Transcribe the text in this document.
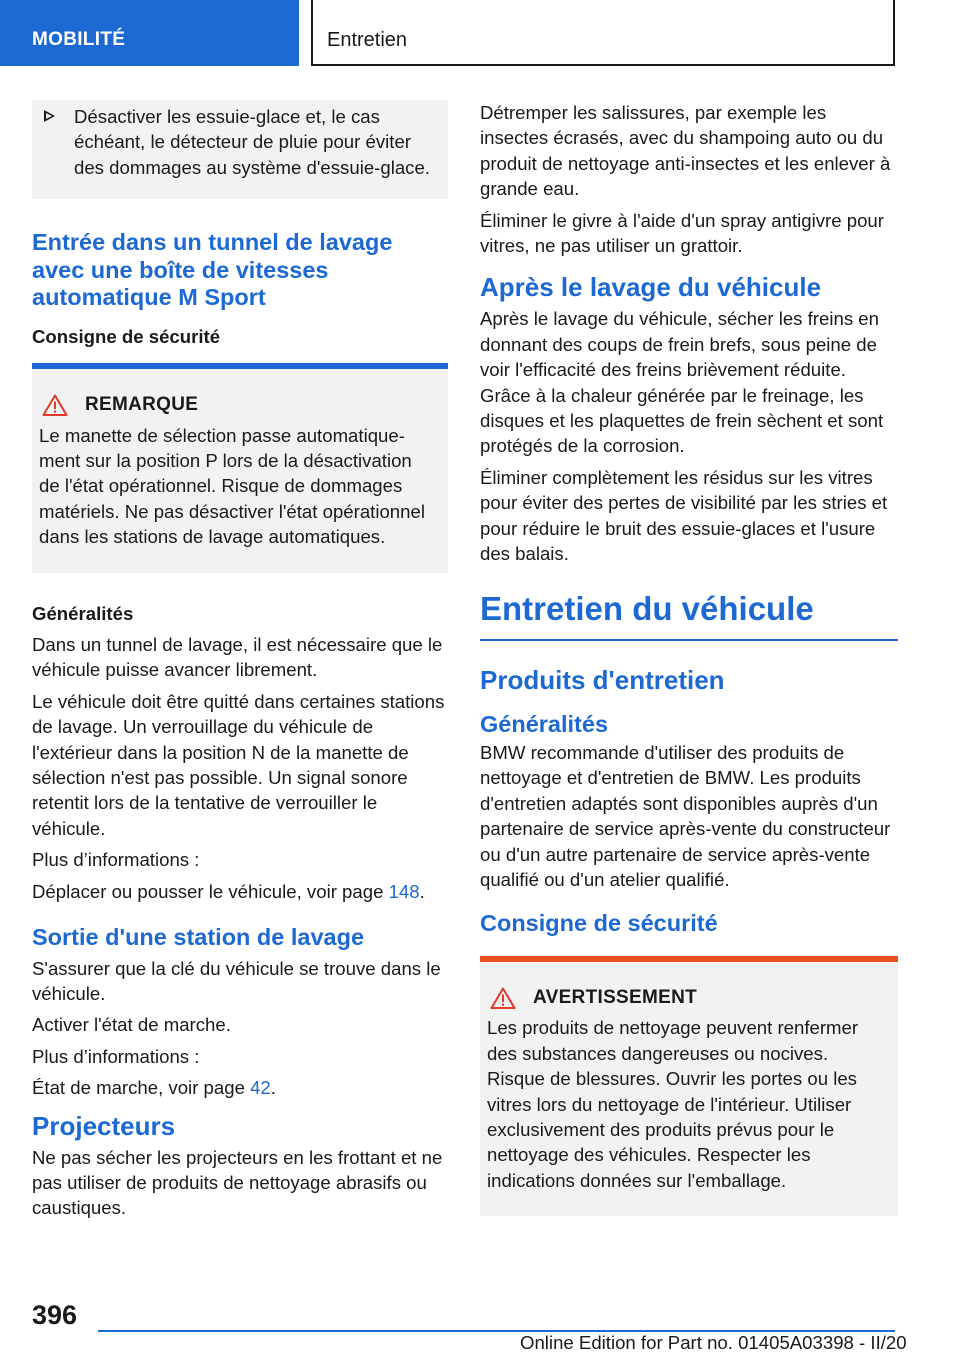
MOBILITÉ	Entretien

Désactiver les essuie-glace et, le cas échéant, le détecteur de pluie pour éviter des dommages au système d'essuie-glace.

Entrée dans un tunnel de lavage avec une boîte de vitesses automatique M Sport
Consigne de sécurité
REMARQUE

Le manette de sélection passe automatique-ment sur la position P lors de la désactivation de l'état opérationnel. Risque de dommages matériels. Ne pas désactiver l'état opérationnel dans les stations de lavage automatiques.

Généralités

Dans un tunnel de lavage, il est nécessaire que le véhicule puisse avancer librement.

Le véhicule doit être quitté dans certaines stations de lavage. Un verrouillage du véhicule de l'extérieur dans la position N de la manette de sélection n'est pas possible. Un signal sonore retentit lors de la tentative de verrouiller le véhicule.

Plus d’informations :

Déplacer ou pousser le véhicule, voir page 148.

Sortie d'une station de lavage

S'assurer que la clé du véhicule se trouve dans le véhicule.

Activer l'état de marche.

Plus d’informations :

État de marche, voir page 42.

Projecteurs

Ne pas sécher les projecteurs en les frottant et ne pas utiliser de produits de nettoyage abrasifs ou caustiques.

Détremper les salissures, par exemple les insectes écrasés, avec du shampoing auto ou du produit de nettoyage anti-insectes et les enlever à grande eau.

Éliminer le givre à l'aide d'un spray antigivre pour vitres, ne pas utiliser un grattoir.

Après le lavage du véhicule

Après le lavage du véhicule, sécher les freins en donnant des coups de frein brefs, sous peine de voir l'efficacité des freins brièvement réduite. Grâce à la chaleur générée par le freinage, les disques et les plaquettes de frein sèchent et sont protégés de la corrosion.

Éliminer complètement les résidus sur les vitres pour éviter des pertes de visibilité par les stries et pour réduire le bruit des essuie-glaces et l'usure des balais.

Entretien du véhicule
Produits d'entretien
Généralités

BMW recommande d'utiliser des produits de nettoyage et d'entretien de BMW. Les produits d'entretien adaptés sont disponibles auprès d'un partenaire de service après-vente du constructeur ou d'un autre partenaire de service après-vente qualifié ou d'un atelier qualifié.

Consigne de sécurité
AVERTISSEMENT

Les produits de nettoyage peuvent renfermer des substances dangereuses ou nocives. Risque de blessures. Ouvrir les portes ou les vitres lors du nettoyage de l'intérieur. Utiliser exclusivement des produits prévus pour le nettoyage des véhicules. Respecter les indications données sur l'emballage.

396
Online Edition for Part no. 01405A03398 - II/20
